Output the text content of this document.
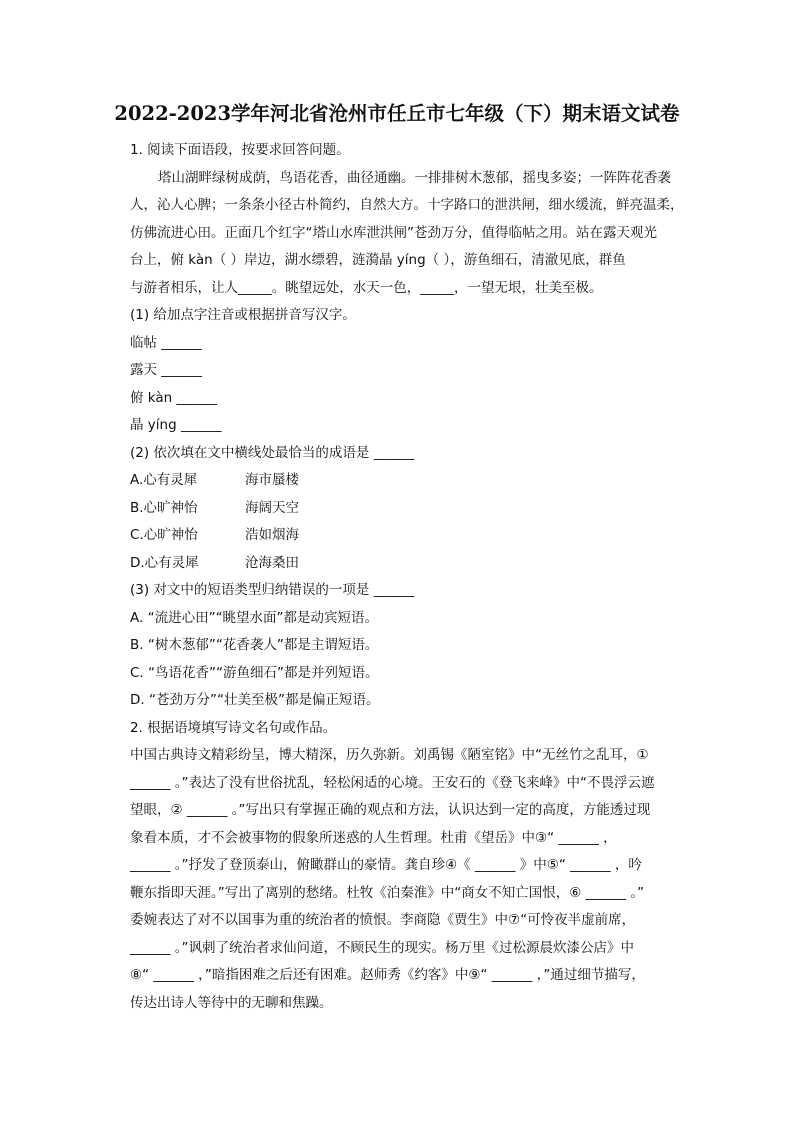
2022-2023学年河北省沧州市任丘市七年级（下）期末语文试卷

1. 阅读下面语段，按要求回答问题。

塔山湖畔绿树成荫，鸟语花香，曲径通幽。一排排树木葱郁，摇曳多姿；一阵阵花香袭

人，沁人心脾；一条条小径古朴简约，自然大方。十字路口的泄洪闸，细水缓流，鲜亮温柔，

仿佛流进心田。正面几个红字“塔山水库泄洪闸”苍劲万分，值得临帖之用。站在露天观光

台上，俯 kàn（ ）岸边，湖水缥碧，涟漪晶 yíng（ ），游鱼细石，清澈见底，群鱼

与游者相乐，让人_____。眺望远处，水天一色，_____，一望无垠，壮美至极。

(1) 给加点字注音或根据拼音写汉字。

临帖 ______

露天 ______

俯 kàn ______

晶 yíng ______

(2) 依次填在文中横线处最恰当的成语是 ______

A.心有灵犀	海市蜃楼

B.心旷神怡	海阔天空

C.心旷神怡	浩如烟海

D.心有灵犀	沧海桑田

(3) 对文中的短语类型归纳错误的一项是 ______

A. “流进心田”“眺望水面”都是动宾短语。

B. “树木葱郁”“花香袭人”都是主谓短语。

C. “鸟语花香”“游鱼细石”都是并列短语。

D. “苍劲万分”“壮美至极”都是偏正短语。

2. 根据语境填写诗文名句或作品。

中国古典诗文精彩纷呈，博大精深，历久弥新。刘禹锡《陋室铭》中“无丝竹之乱耳，①

______ 。”表达了没有世俗扰乱，轻松闲适的心境。王安石的《登飞来峰》中“不畏浮云遮

望眼，② ______ 。”写出只有掌握正确的观点和方法，认识达到一定的高度，方能透过现

象看本质，才不会被事物的假象所迷惑的人生哲理。杜甫《望岳》中③“ ______ ，

______ 。”抒发了登顶泰山，俯瞰群山的豪情。龚自珍④《 ______ 》中⑤“ ______ ，吟

鞭东指即天涯。”写出了离别的愁绪。杜牧《泊秦淮》中“商女不知亡国恨，⑥ ______ 。”

委婉表达了对不以国事为重的统治者的愤恨。李商隐《贾生》中⑦“可怜夜半虚前席，

______ 。”讽刺了统治者求仙问道，不顾民生的现实。杨万里《过松源晨炊漆公店》中

⑧“ ______ ，”暗指困难之后还有困难。赵师秀《约客》中⑨“ ______ ，”通过细节描写，

传达出诗人等待中的无聊和焦躁。
